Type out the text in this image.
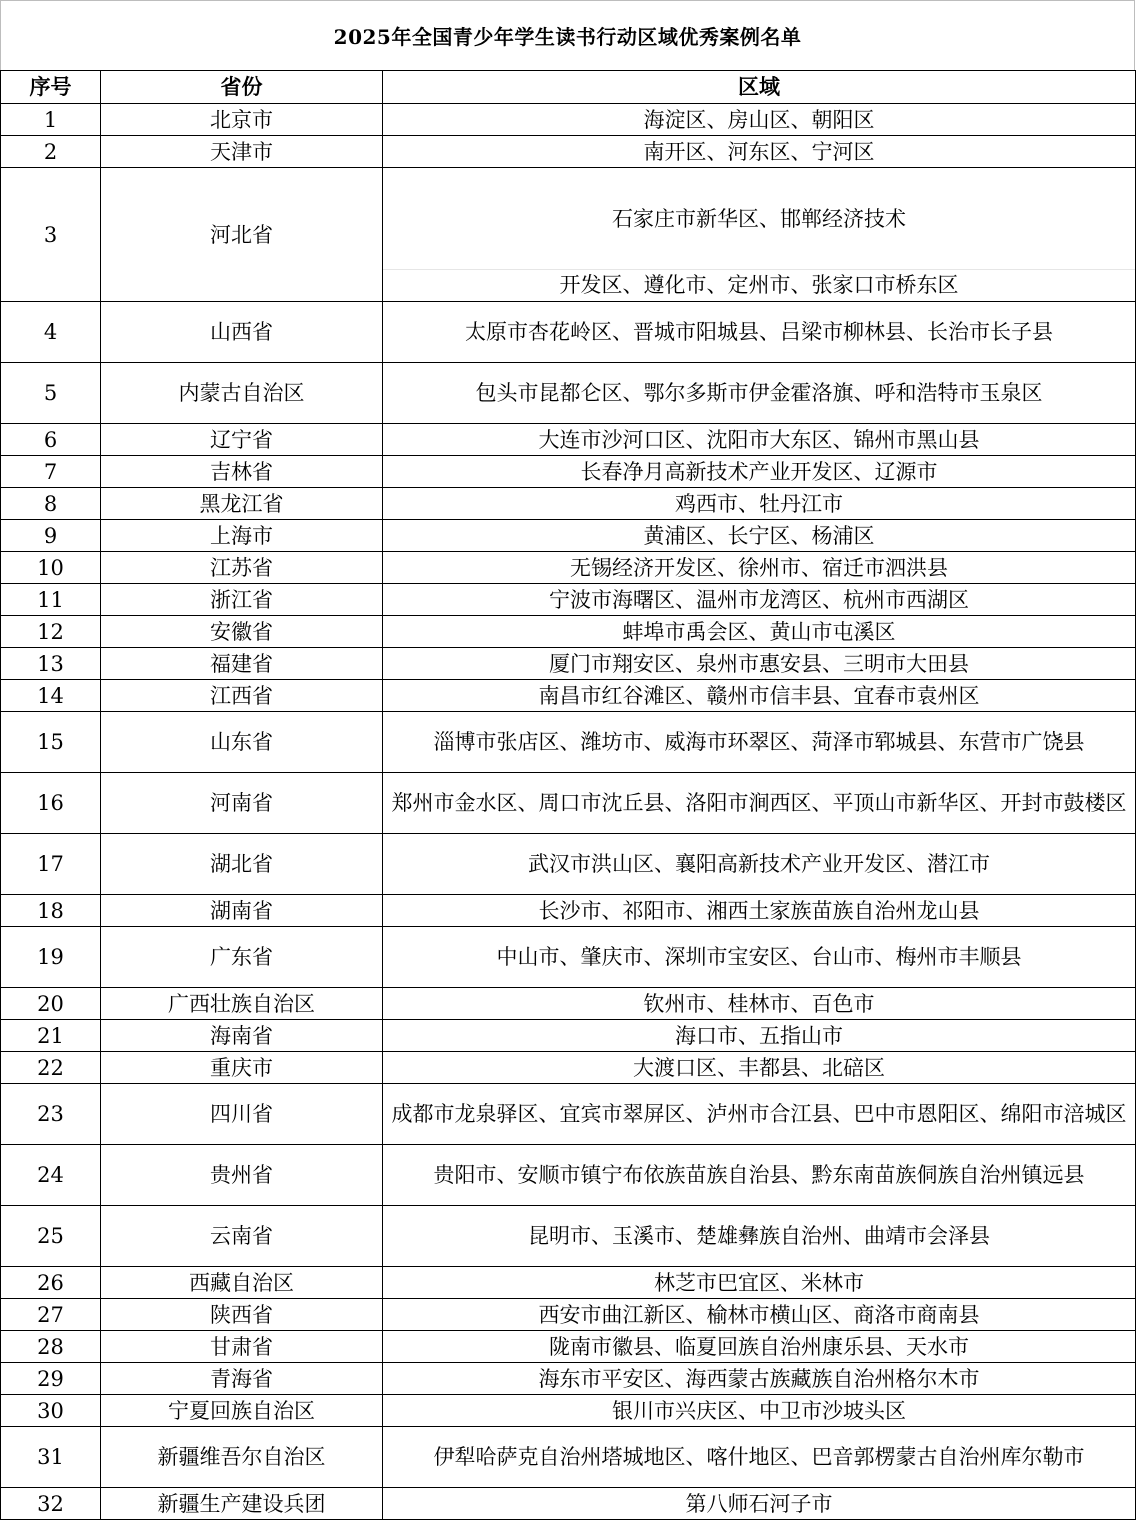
2025年全国青少年学生读书行动区域优秀案例名单
序号	省份	区域
1	北京市	海淀区、房山区、朝阳区
2	天津市	南开区、河东区、宁河区
3	河北省	石家庄市新华区、邯郸经济技术
开发区、遵化市、定州市、张家口市桥东区

4	山西省	太原市杏花岭区、晋城市阳城县、吕梁市柳林县、长治市长子县
5	内蒙古自治区	包头市昆都仑区、鄂尔多斯市伊金霍洛旗、呼和浩特市玉泉区
6	辽宁省	大连市沙河口区、沈阳市大东区、锦州市黑山县
7	吉林省	长春净月高新技术产业开发区、辽源市
8	黑龙江省	鸡西市、牡丹江市
9	上海市	黄浦区、长宁区、杨浦区
10	江苏省	无锡经济开发区、徐州市、宿迁市泗洪县
11	浙江省	宁波市海曙区、温州市龙湾区、杭州市西湖区
12	安徽省	蚌埠市禹会区、黄山市屯溪区
13	福建省	厦门市翔安区、泉州市惠安县、三明市大田县
14	江西省	南昌市红谷滩区、赣州市信丰县、宜春市袁州区
15	山东省	淄博市张店区、潍坊市、威海市环翠区、菏泽市郓城县、东营市广饶县
16	河南省	郑州市金水区、周口市沈丘县、洛阳市涧西区、平顶山市新华区、开封市鼓楼区
17	湖北省	武汉市洪山区、襄阳高新技术产业开发区、潜江市
18	湖南省	长沙市、祁阳市、湘西土家族苗族自治州龙山县
19	广东省	中山市、肇庆市、深圳市宝安区、台山市、梅州市丰顺县
20	广西壮族自治区	钦州市、桂林市、百色市
21	海南省	海口市、五指山市
22	重庆市	大渡口区、丰都县、北碚区
23	四川省	成都市龙泉驿区、宜宾市翠屏区、泸州市合江县、巴中市恩阳区、绵阳市涪城区
24	贵州省	贵阳市、安顺市镇宁布依族苗族自治县、黔东南苗族侗族自治州镇远县
25	云南省	昆明市、玉溪市、楚雄彝族自治州、曲靖市会泽县
26	西藏自治区	林芝市巴宜区、米林市
27	陕西省	西安市曲江新区、榆林市横山区、商洛市商南县
28	甘肃省	陇南市徽县、临夏回族自治州康乐县、天水市
29	青海省	海东市平安区、海西蒙古族藏族自治州格尔木市
30	宁夏回族自治区	银川市兴庆区、中卫市沙坡头区
31	新疆维吾尔自治区	伊犁哈萨克自治州塔城地区、喀什地区、巴音郭楞蒙古自治州库尔勒市
32	新疆生产建设兵团	第八师石河子市
